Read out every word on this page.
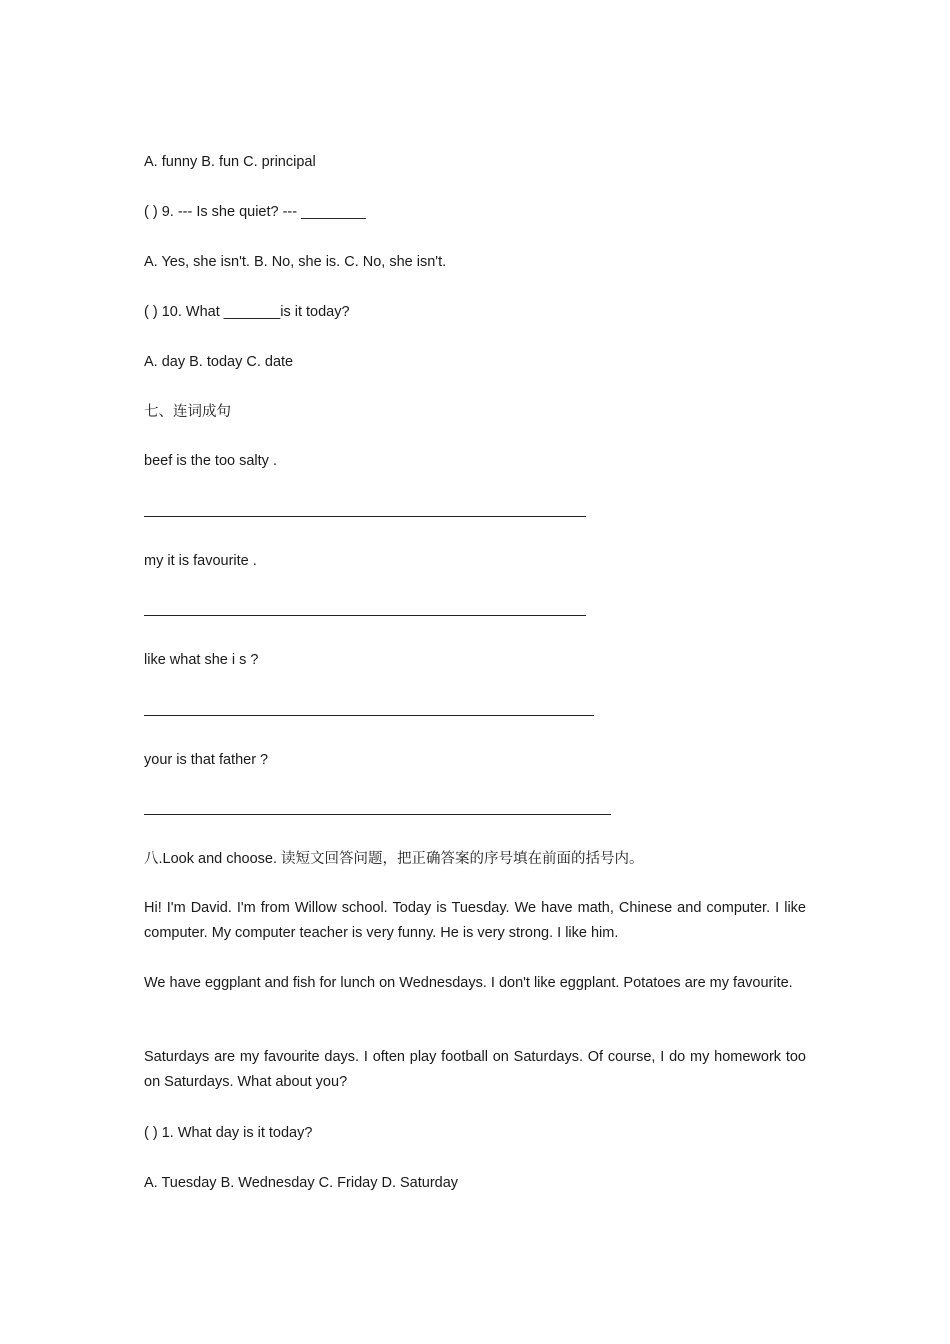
A. funny B. fun C. principal
( ) 9. --- Is she quiet? --- ________
A. Yes, she isn't. B. No, she is. C. No, she isn't.
( ) 10. What _______is it today?
A. day B. today C. date
七、连词成句
beef is the too salty .
my it is favourite .
like what she i s ?
your is that father ?
八.Look and choose. 读短文回答问题，把正确答案的序号填在前面的括号内。
Hi! I'm David. I'm from Willow school. Today is Tuesday. We have math, Chinese and computer. I like computer. My computer teacher is very funny. He is very strong. I like him.
We have eggplant and fish for lunch on Wednesdays. I don't like eggplant. Potatoes are my favourite.
Saturdays are my favourite days. I often play football on Saturdays. Of course, I do my homework too on Saturdays. What about you?
( ) 1. What day is it today?
A. Tuesday B. Wednesday C. Friday D. Saturday
